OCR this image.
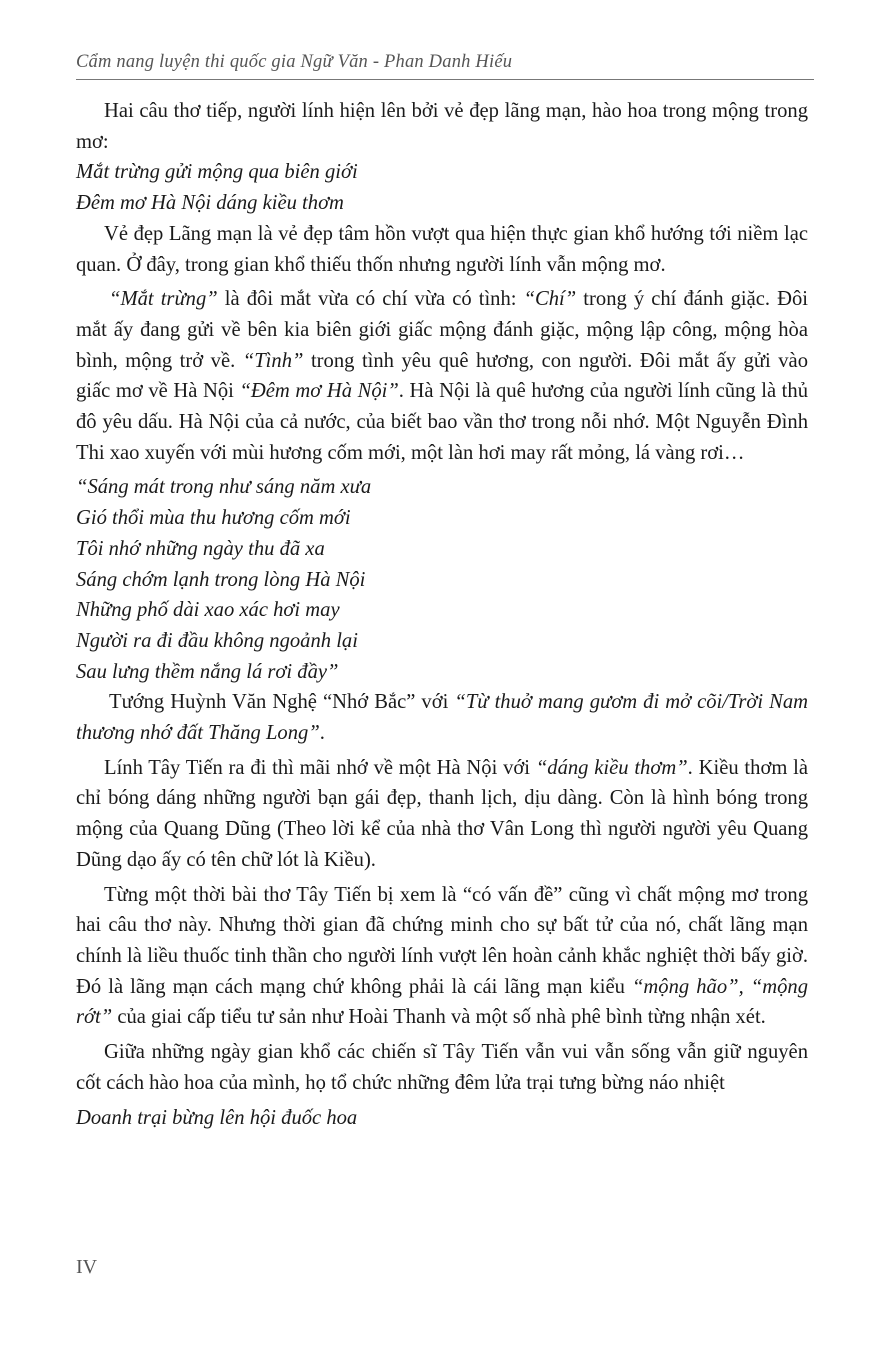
Cẩm nang luyện thi quốc gia Ngữ Văn - Phan Danh Hiếu

Hai câu thơ tiếp, người lính hiện lên bởi vẻ đẹp lãng mạn, hào hoa trong mộng trong mơ:

Mắt trừng gửi mộng qua biên giới

Đêm mơ Hà Nội dáng kiều thơm

Vẻ đẹp Lãng mạn là vẻ đẹp tâm hồn vượt qua hiện thực gian khổ hướng tới niềm lạc quan. Ở đây, trong gian khổ thiếu thốn nhưng người lính vẫn mộng mơ.

“Mắt trừng” là đôi mắt vừa có chí vừa có tình: “Chí” trong ý chí đánh giặc. Đôi mắt ấy đang gửi về bên kia biên giới giấc mộng đánh giặc, mộng lập công, mộng hòa bình, mộng trở về. “Tình” trong tình yêu quê hương, con người. Đôi mắt ấy gửi vào giấc mơ về Hà Nội “Đêm mơ Hà Nội”. Hà Nội là quê hương của người lính cũng là thủ đô yêu dấu. Hà Nội của cả nước, của biết bao vần thơ trong nỗi nhớ. Một Nguyễn Đình Thi xao xuyến với mùi hương cốm mới, một làn hơi may rất mỏng, lá vàng rơi…

“Sáng mát trong như sáng năm xưa

Gió thổi mùa thu hương cốm mới

Tôi nhớ những ngày thu đã xa

Sáng chớm lạnh trong lòng Hà Nội

Những phố dài xao xác hơi may

Người ra đi đầu không ngoảnh lại

Sau lưng thềm nắng lá rơi đầy”

Tướng Huỳnh Văn Nghệ “Nhớ Bắc” với “Từ thuở mang gươm đi mở cõi/Trời Nam thương nhớ đất Thăng Long”.

Lính Tây Tiến ra đi thì mãi nhớ về một Hà Nội với “dáng kiều thơm”. Kiều thơm là chỉ bóng dáng những người bạn gái đẹp, thanh lịch, dịu dàng. Còn là hình bóng trong mộng của Quang Dũng (Theo lời kể của nhà thơ Vân Long thì người người yêu Quang Dũng dạo ấy có tên chữ lót là Kiều).

Từng một thời bài thơ Tây Tiến bị xem là “có vấn đề” cũng vì chất mộng mơ trong hai câu thơ này. Nhưng thời gian đã chứng minh cho sự bất tử của nó, chất lãng mạn chính là liều thuốc tinh thần cho người lính vượt lên hoàn cảnh khắc nghiệt thời bấy giờ. Đó là lãng mạn cách mạng chứ không phải là cái lãng mạn kiểu “mộng hão”, “mộng rớt” của giai cấp tiểu tư sản như Hoài Thanh và một số nhà phê bình từng nhận xét.

Giữa những ngày gian khổ các chiến sĩ Tây Tiến vẫn vui vẫn sống vẫn giữ nguyên cốt cách hào hoa của mình, họ tổ chức những đêm lửa trại tưng bừng náo nhiệt

Doanh trại bừng lên hội đuốc hoa

IV
